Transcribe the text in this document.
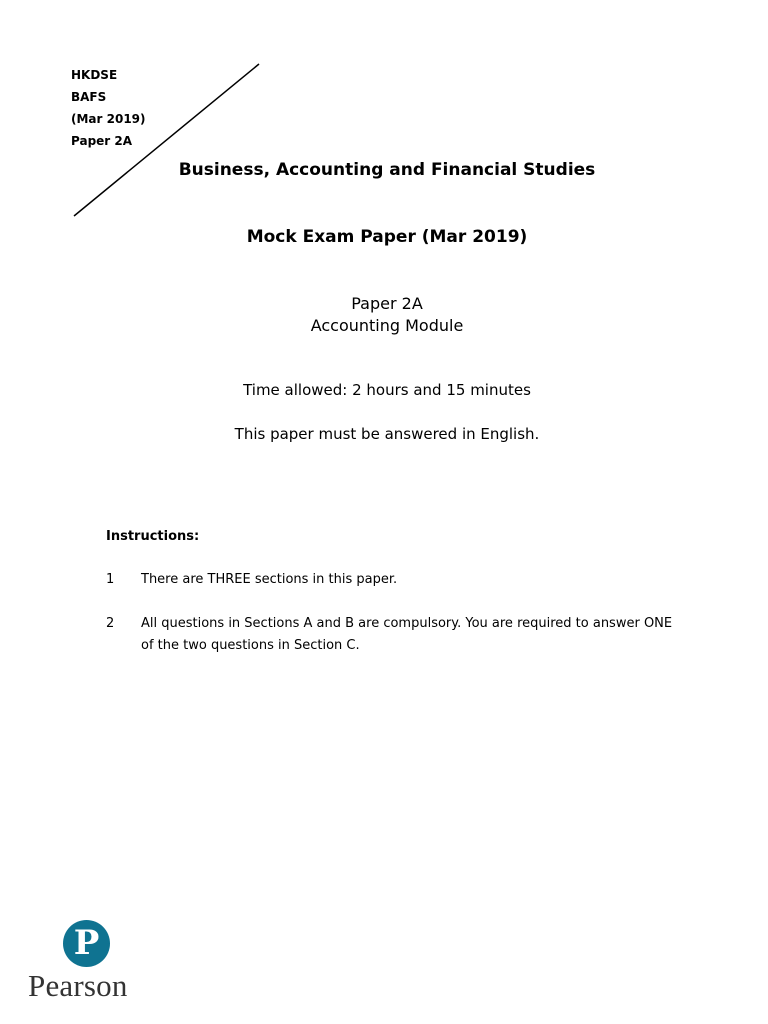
HKDSE
BAFS
(Mar 2019)
Paper 2A
Business, Accounting and Financial Studies
Mock Exam Paper (Mar 2019)
Paper 2A
Accounting Module
Time allowed: 2 hours and 15 minutes
This paper must be answered in English.
Instructions:
1 There are THREE sections in this paper.
2 All questions in Sections A and B are compulsory. You are required to answer ONE of the two questions in Section C.
P
Pearson
